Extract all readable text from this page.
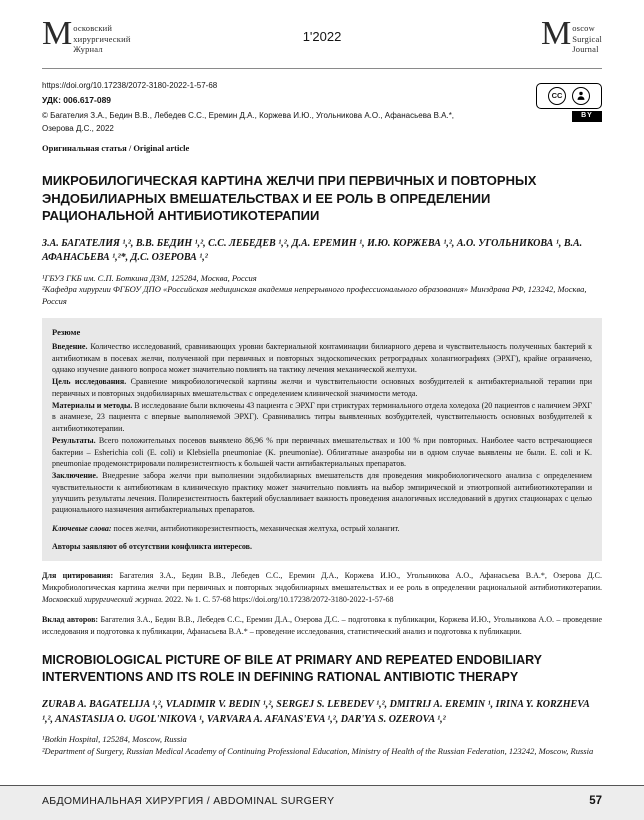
М осковский
хирургический
Журнал
1'2022	M oscow
Surgical
Journal
https://doi.org/10.17238/2072-3180-2022-1-57-68
УДК: 006.617-089
© Багателия З.А., Бедин В.В., Лебедев С.С., Еремин Д.А., Коржева И.Ю., Угольникова А.О., Афанасьева В.А.*, Озерова Д.С., 2022
Оригинальная статья / Original article
CC
BY
МИКРОБИЛОГИЧЕСКАЯ КАРТИНА ЖЕЛЧИ ПРИ ПЕРВИЧНЫХ И ПОВТОРНЫХ ЭНДОБИЛИАРНЫХ ВМЕШАТЕЛЬСТВАХ И ЕЕ РОЛЬ В ОПРЕДЕЛЕНИИ РАЦИОНАЛЬНОЙ АНТИБИОТИКОТЕРАПИИ
З.А. БАГАТЕЛИЯ ¹,², В.В. БЕДИН ¹,², С.С. ЛЕБЕДЕВ ¹,², Д.А. ЕРЕМИН ¹, И.Ю. КОРЖЕВА ¹,², А.О. УГОЛЬНИКОВА ¹, В.А. АФАНАСЬЕВА ¹,²*, Д.С. ОЗЕРОВА ¹,²
¹ГБУЗ ГКБ им. С.П. Боткина ДЗМ, 125284, Москва, Россия
²Кафедра хирургии ФГБОУ ДПО «Российская медицинская академия непрерывного профессионального образования» Минздрава РФ, 123242, Москва, Россия
Резюме

Введение. Количество исследований, сравнивающих уровни бактериальной контаминации билиарного дерева и чувствительность полученных бактерий к антибиотикам в посевах желчи, полученной при первичных и повторных эндоскопических ретроградных холангиографиях (ЭРХГ), крайне ограничено, однако изучение данного вопроса может значительно повлиять на тактику лечения механической желтухи.

Цель исследования. Сравнение микробиологической картины желчи и чувствительности основных возбудителей к антибактериальной терапии при первичных и повторных эндобилиарных вмешательствах с определением клинической значимости метода.

Материалы и методы. В исследование были включены 43 пациента с ЭРХГ при стриктурах терминального отдела холедоха (20 пациентов с наличием ЭРХГ в анамнезе, 23 пациента с впервые выполняемой ЭРХГ). Сравнивались титры выявленных возбудителей, чувствительность основных возбудителей к антибиотикотерапии.

Результаты. Всего положительных посевов выявлено 86,96 % при первичных вмешательствах и 100 % при повторных. Наиболее часто встречающиеся бактерии – Esherichia coli (E. coli) и Klebsiella pneumoniae (K. pneumoniae). Облигатные анаэробы ни в одном случае выявлены не были. E. coli и K. pneumoniae продемонстрировали полирезистентность к большей части антибактериальных препаратов.

Заключение. Внедрение забора желчи при выполнении эндобилиарных вмешательств для проведения микробиологического анализа с определением чувствительности к антибиотикам в клиническую практику может значительно повлиять на выбор эмпирической и этиотропной антибиотикотерапии и улучшить результаты лечения. Полирезистентность бактерий обуславливает важность проведения аналогичных исследований в других стационарах с целью рационального назначения антибактериальных препаратов.

Ключевые слова: посев желчи, антибиотикорезистентность, механическая желтуха, острый холангит.

Авторы заявляют об отсутствии конфликта интересов.

Для цитирования: Багателия З.А., Бедин В.В., Лебедев С.С., Еремин Д.А., Коржева И.Ю., Угольникова А.О., Афанасьева В.А.*, Озерова Д.С. Микробиологическая картина желчи при первичных и повторных эндобилиарных вмешательствах и ее роль в определении рациональной антибиотикотерапии. Московский хирургический журнал. 2022. № 1. С. 57-68 https://doi.org/10.17238/2072-3180-2022-1-57-68

Вклад авторов: Багателия З.А., Бедин В.В., Лебедев С.С., Еремин Д.А., Озерова Д.С. – подготовка к публикации, Коржева И.Ю., Угольникова А.О. – проведение исследования и подготовка к публикации, Афанасьева В.А.* – проведение исследования, статистический анализ и подготовка к публикации.

MICROBIOLOGICAL PICTURE OF BILE AT PRIMARY AND REPEATED ENDOBILIARY INTERVENTIONS AND ITS ROLE IN DEFINING RATIONAL ANTIBIOTIC THERAPY
ZURAB A. BAGATELIJA ¹,², VLADIMIR V. BEDIN ¹,², SERGEJ S. LEBEDEV ¹,², DMITRIJ A. EREMIN ¹, IRINA Y. KORZHEVA ¹,², ANASTASIJA O. UGOL'NIKOVA ¹, VARVARA A. AFANAS'EVA ¹,², DAR'YA S. OZEROVA ¹,²
¹Botkin Hospital, 125284, Moscow, Russia
²Department of Surgery, Russian Medical Academy of Continuing Professional Education, Ministry of Health of the Russian Federation, 123242, Moscow, Russia
АБДОМИНАЛЬНАЯ ХИРУРГИЯ / ABDOMINAL SURGERY	57
